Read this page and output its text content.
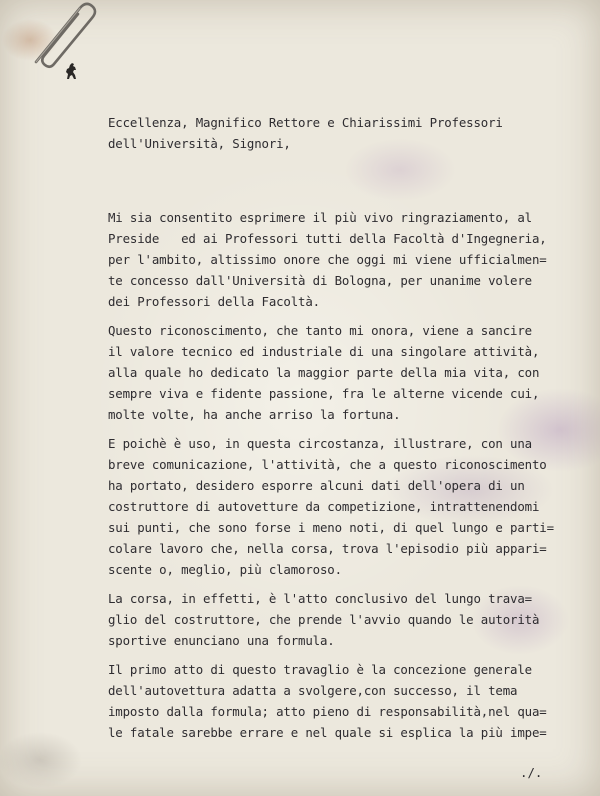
Eccellenza, Magnifico Rettore e Chiarissimi Professori
dell'Università, Signori,
Mi sia consentito esprimere il più vivo ringraziamento, al
Preside   ed ai Professori tutti della Facoltà d'Ingegneria,
per l'ambito, altissimo onore che oggi mi viene ufficialmen=
te concesso dall'Università di Bologna, per unanime volere
dei Professori della Facoltà.
Questo riconoscimento, che tanto mi onora, viene a sancire
il valore tecnico ed industriale di una singolare attività,
alla quale ho dedicato la maggior parte della mia vita, con
sempre viva e fidente passione, fra le alterne vicende cui,
molte volte, ha anche arriso la fortuna.
E poichè è uso, in questa circostanza, illustrare, con una
breve comunicazione, l'attività, che a questo riconoscimento
ha portato, desidero esporre alcuni dati dell'opera di un
costruttore di autovetture da competizione, intrattenendomi
sui punti, che sono forse i meno noti, di quel lungo e parti=
colare lavoro che, nella corsa, trova l'episodio più appari=
scente o, meglio, più clamoroso.
La corsa, in effetti, è l'atto conclusivo del lungo trava=
glio del costruttore, che prende l'avvio quando le autorità
sportive enunciano una formula.
Il primo atto di questo travaglio è la concezione generale
dell'autovettura adatta a svolgere,con successo, il tema
imposto dalla formula; atto pieno di responsabilità,nel qua=
le fatale sarebbe errare e nel quale si esplica la più impe=
./.
